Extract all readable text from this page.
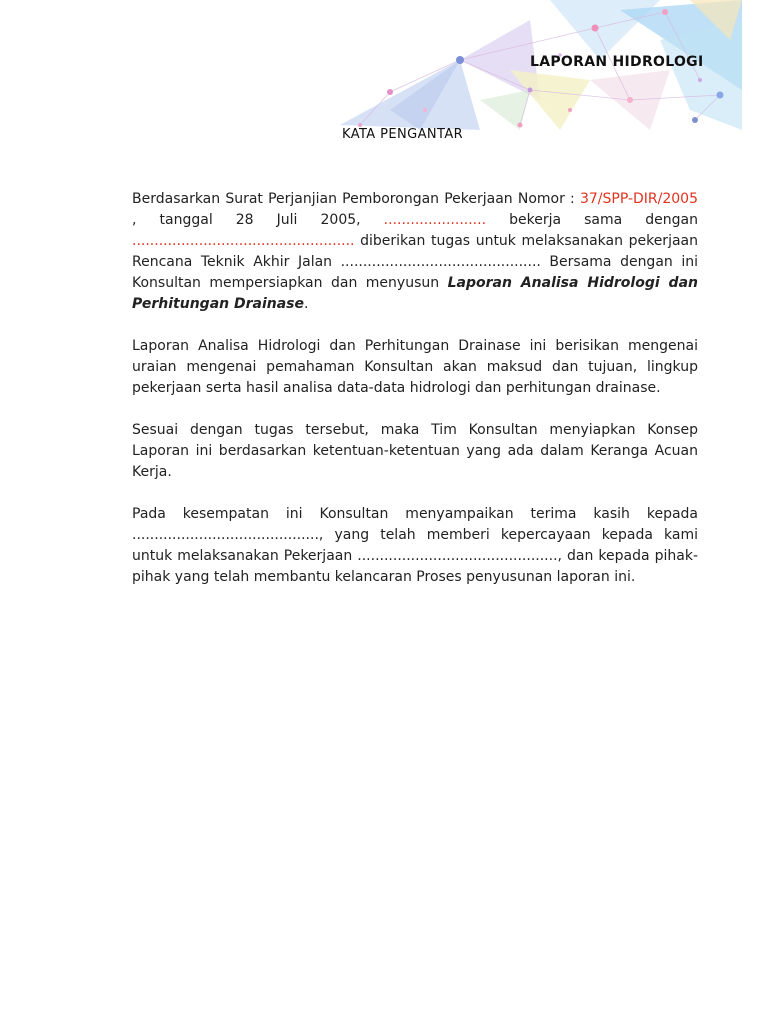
LAPORAN HIDROLOGI
KATA PENGANTAR

Berdasarkan Surat Perjanjian Pemborongan Pekerjaan Nomor : 37/SPP-DIR/2005 , tanggal 28 Juli 2005, ....................... bekerja sama dengan .................................................. diberikan tugas untuk melaksanakan pekerjaan Rencana Teknik Akhir Jalan ............................................. Bersama dengan ini Konsultan mempersiapkan dan menyusun Laporan Analisa Hidrologi dan Perhitungan Drainase.

Laporan Analisa Hidrologi dan Perhitungan Drainase ini berisikan mengenai uraian mengenai pemahaman Konsultan akan maksud dan tujuan, lingkup pekerjaan serta hasil analisa data-data hidrologi dan perhitungan drainase.

Sesuai dengan tugas tersebut, maka Tim Konsultan menyiapkan Konsep Laporan ini berdasarkan ketentuan-ketentuan yang ada dalam Keranga Acuan Kerja.

Pada kesempatan ini Konsultan menyampaikan terima kasih kepada .........................................., yang telah memberi kepercayaan kepada kami untuk melaksanakan Pekerjaan ............................................., dan kepada pihak-pihak yang telah membantu kelancaran Proses penyusunan laporan ini.
